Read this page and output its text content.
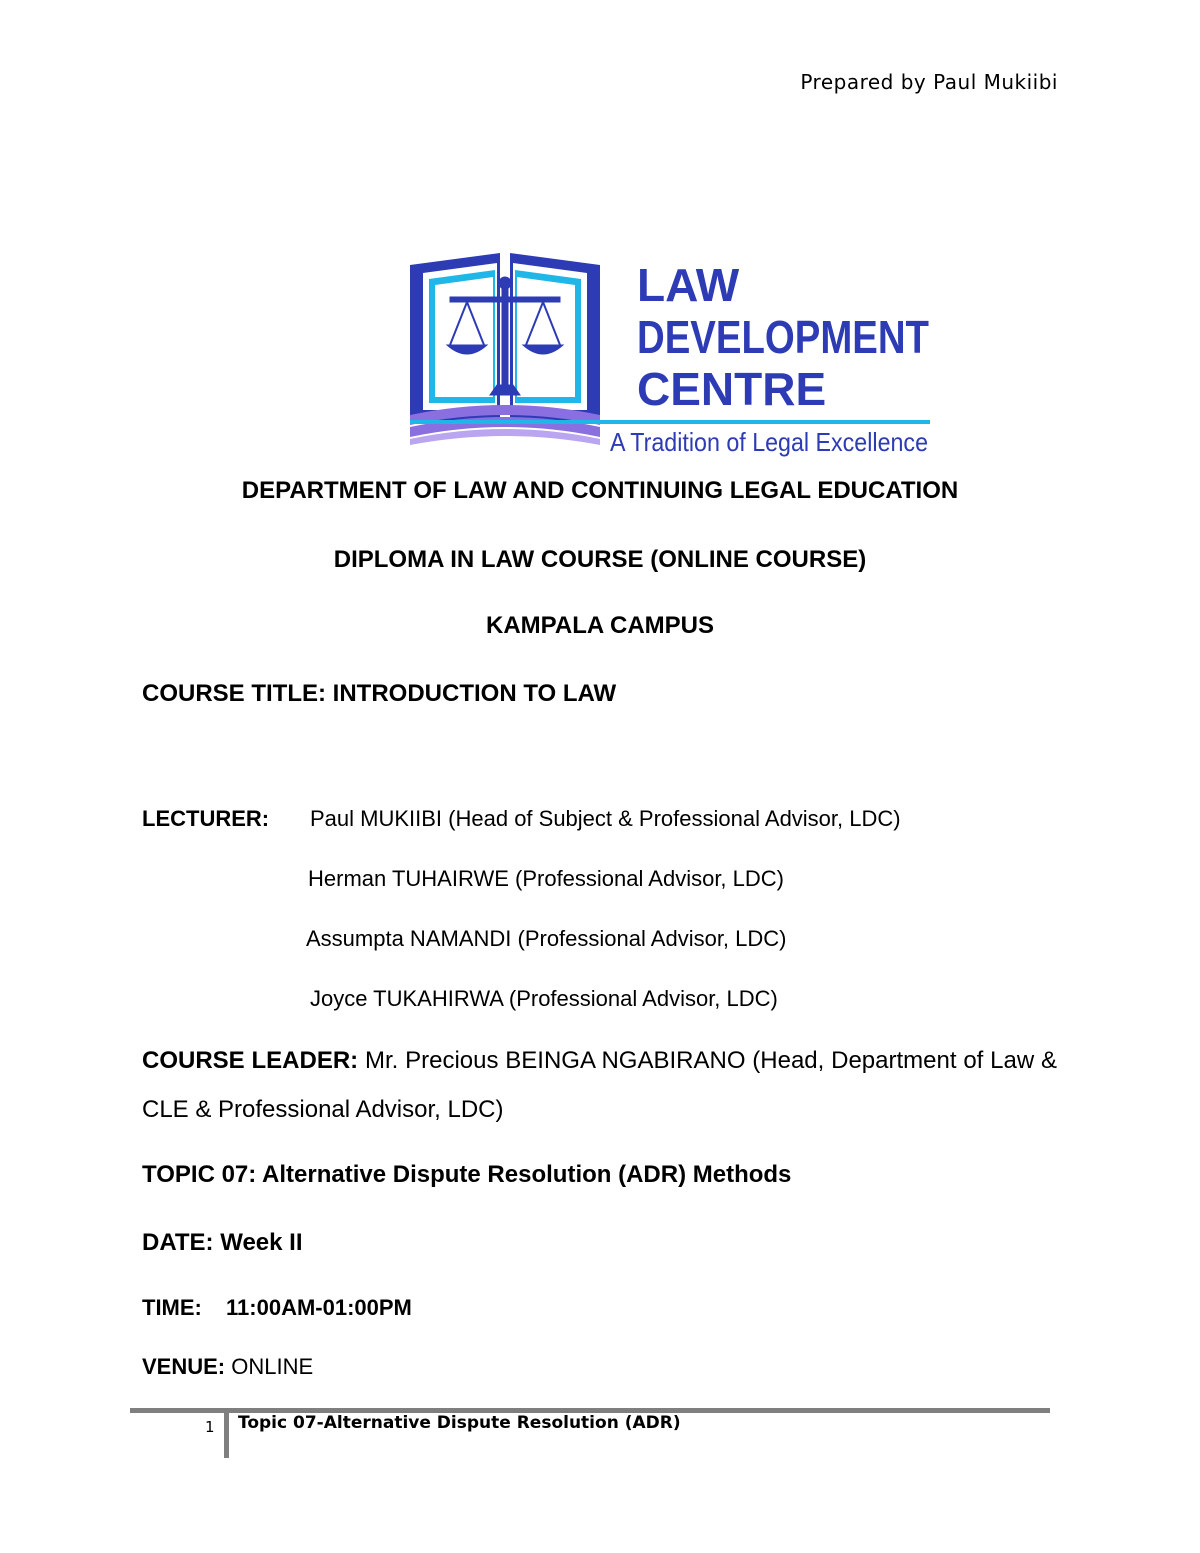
Prepared by Paul Mukiibi
LAW
DEVELOPMENT
CENTRE
A Tradition of Legal Excellence
DEPARTMENT OF LAW AND CONTINUING LEGAL EDUCATION
DIPLOMA IN LAW COURSE (ONLINE COURSE)
KAMPALA CAMPUS
COURSE TITLE: INTRODUCTION TO LAW
LECTURER: Paul MUKIIBI (Head of Subject & Professional Advisor, LDC)
Herman TUHAIRWE (Professional Advisor, LDC)
Assumpta NAMANDI (Professional Advisor, LDC)
Joyce TUKAHIRWA (Professional Advisor, LDC)
COURSE LEADER: Mr. Precious BEINGA NGABIRANO (Head, Department of Law & CLE & Professional Advisor, LDC)
TOPIC 07: Alternative Dispute Resolution (ADR) Methods
DATE: Week II
TIME: 11:00AM-01:00PM
VENUE: ONLINE
1 Topic 07-Alternative Dispute Resolution (ADR)
